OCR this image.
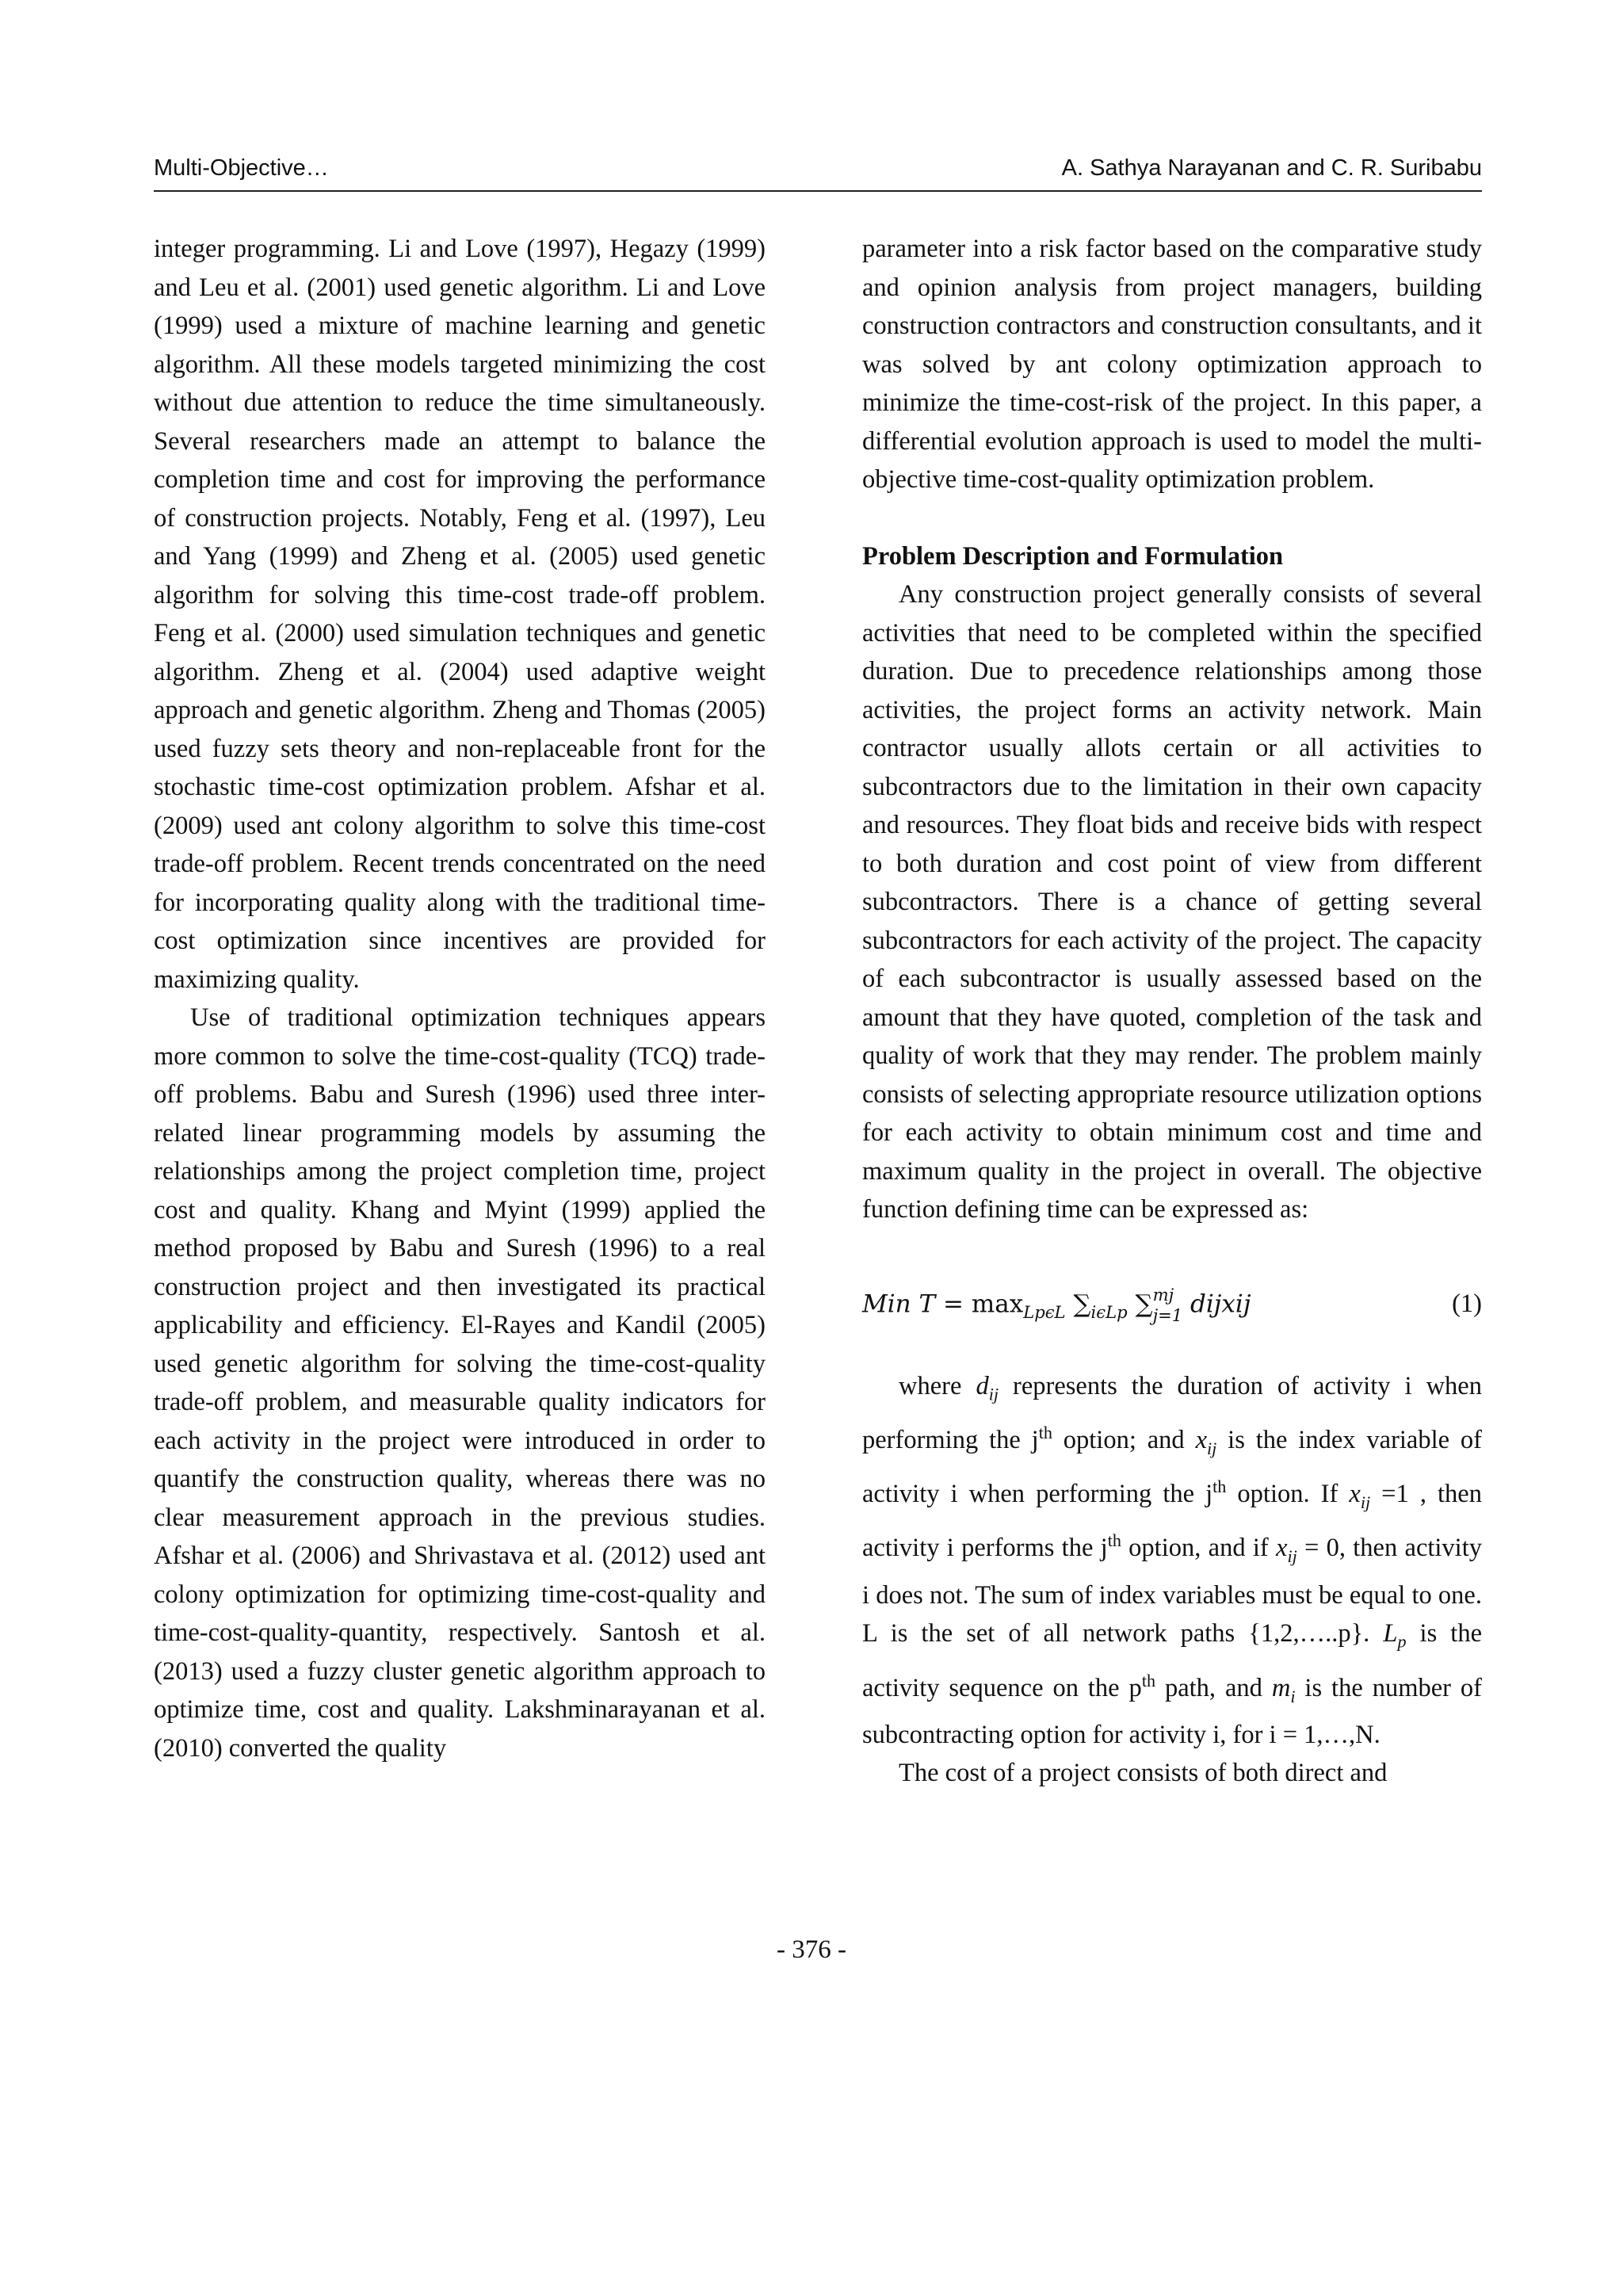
Multi-Objective…	A. Sathya Narayanan and C. R. Suribabu

integer programming. Li and Love (1997), Hegazy (1999) and Leu et al. (2001) used genetic algorithm. Li and Love (1999) used a mixture of machine learning and genetic algorithm. All these models targeted minimizing the cost without due attention to reduce the time simultaneously. Several researchers made an attempt to balance the completion time and cost for improving the performance of construction projects. Notably, Feng et al. (1997), Leu and Yang (1999) and Zheng et al. (2005) used genetic algorithm for solving this time-cost trade-off problem. Feng et al. (2000) used simulation techniques and genetic algorithm. Zheng et al. (2004) used adaptive weight approach and genetic algorithm. Zheng and Thomas (2005) used fuzzy sets theory and non-replaceable front for the stochastic time-cost optimization problem. Afshar et al. (2009) used ant colony algorithm to solve this time-cost trade-off problem. Recent trends concentrated on the need for incorporating quality along with the traditional time-cost optimization since incentives are provided for maximizing quality.

Use of traditional optimization techniques appears more common to solve the time-cost-quality (TCQ) trade-off problems. Babu and Suresh (1996) used three inter-related linear programming models by assuming the relationships among the project completion time, project cost and quality. Khang and Myint (1999) applied the method proposed by Babu and Suresh (1996) to a real construction project and then investigated its practical applicability and efficiency. El-Rayes and Kandil (2005) used genetic algorithm for solving the time-cost-quality trade-off problem, and measurable quality indicators for each activity in the project were introduced in order to quantify the construction quality, whereas there was no clear measurement approach in the previous studies. Afshar et al. (2006) and Shrivastava et al. (2012) used ant colony optimization for optimizing time-cost-quality and time-cost-quality-quantity, respectively. Santosh et al. (2013) used a fuzzy cluster genetic algorithm approach to optimize time, cost and quality. Lakshminarayanan et al. (2010) converted the quality

parameter into a risk factor based on the comparative study and opinion analysis from project managers, building construction contractors and construction consultants, and it was solved by ant colony optimization approach to minimize the time-cost-risk of the project. In this paper, a differential evolution approach is used to model the multi-objective time-cost-quality optimization problem.

Problem Description and Formulation

Any construction project generally consists of several activities that need to be completed within the specified duration. Due to precedence relationships among those activities, the project forms an activity network. Main contractor usually allots certain or all activities to subcontractors due to the limitation in their own capacity and resources. They float bids and receive bids with respect to both duration and cost point of view from different subcontractors. There is a chance of getting several subcontractors for each activity of the project. The capacity of each subcontractor is usually assessed based on the amount that they have quoted, completion of the task and quality of work that they may render. The problem mainly consists of selecting appropriate resource utilization options for each activity to obtain minimum cost and time and maximum quality in the project in overall. The objective function defining time can be expressed as:

Min $T = \max_{Lp\epsilon L} \sum_{i\epsilon Lp}$ ∑ mj
j=1 dijxij	(1)

where $d_{ij}$ represents the duration of activity i when performing the $j^{th}$ option; and $x_{ij}$ is the index variable of activity i when performing the $j^{th}$ option. If $x_{ij} =1$ , then activity i performs the $j^{th}$ option, and if $x_{ij} = 0$, then activity i does not. The sum of index variables must be equal to one. L is the set of all network paths {1,2,…..p}. $L_p$ is the activity sequence on the $p^{th}$ path, and $m_i$ is the number of subcontracting option for activity i, for i = 1,…,N.

The cost of a project consists of both direct and

- 376 -
